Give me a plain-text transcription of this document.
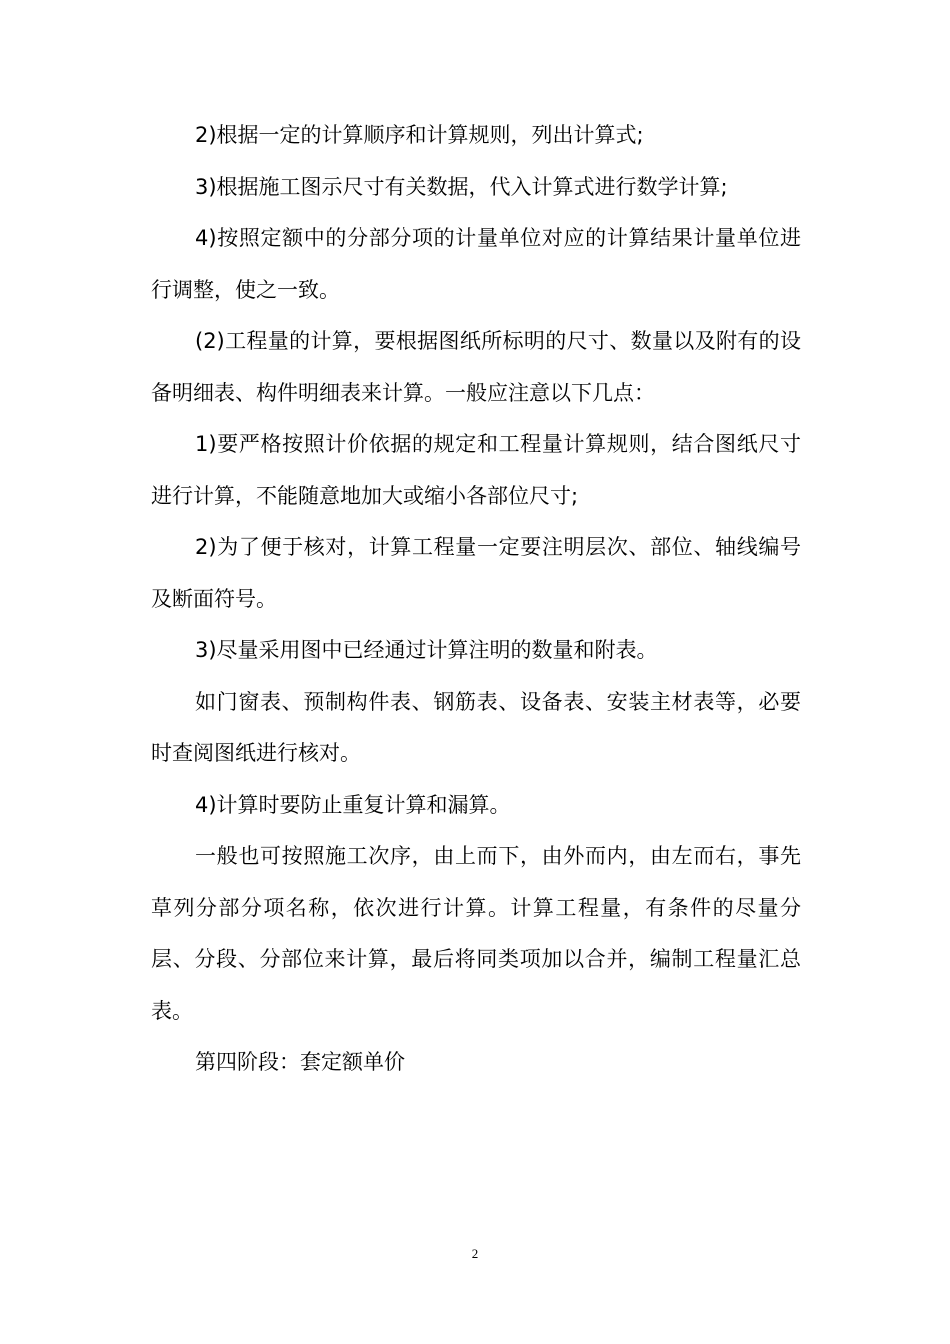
2)根据一定的计算顺序和计算规则，列出计算式;

3)根据施工图示尺寸有关数据，代入计算式进行数学计算;

4)按照定额中的分部分项的计量单位对应的计算结果计量单位进行调整，使之一致。

(2)工程量的计算，要根据图纸所标明的尺寸、数量以及附有的设备明细表、构件明细表来计算。一般应注意以下几点：

1)要严格按照计价依据的规定和工程量计算规则，结合图纸尺寸进行计算，不能随意地加大或缩小各部位尺寸;

2)为了便于核对，计算工程量一定要注明层次、部位、轴线编号及断面符号。

3)尽量采用图中已经通过计算注明的数量和附表。

如门窗表、预制构件表、钢筋表、设备表、安装主材表等，必要时查阅图纸进行核对。

4)计算时要防止重复计算和漏算。

一般也可按照施工次序，由上而下，由外而内，由左而右，事先草列分部分项名称，依次进行计算。计算工程量，有条件的尽量分层、分段、分部位来计算，最后将同类项加以合并，编制工程量汇总表。

第四阶段：套定额单价

2
